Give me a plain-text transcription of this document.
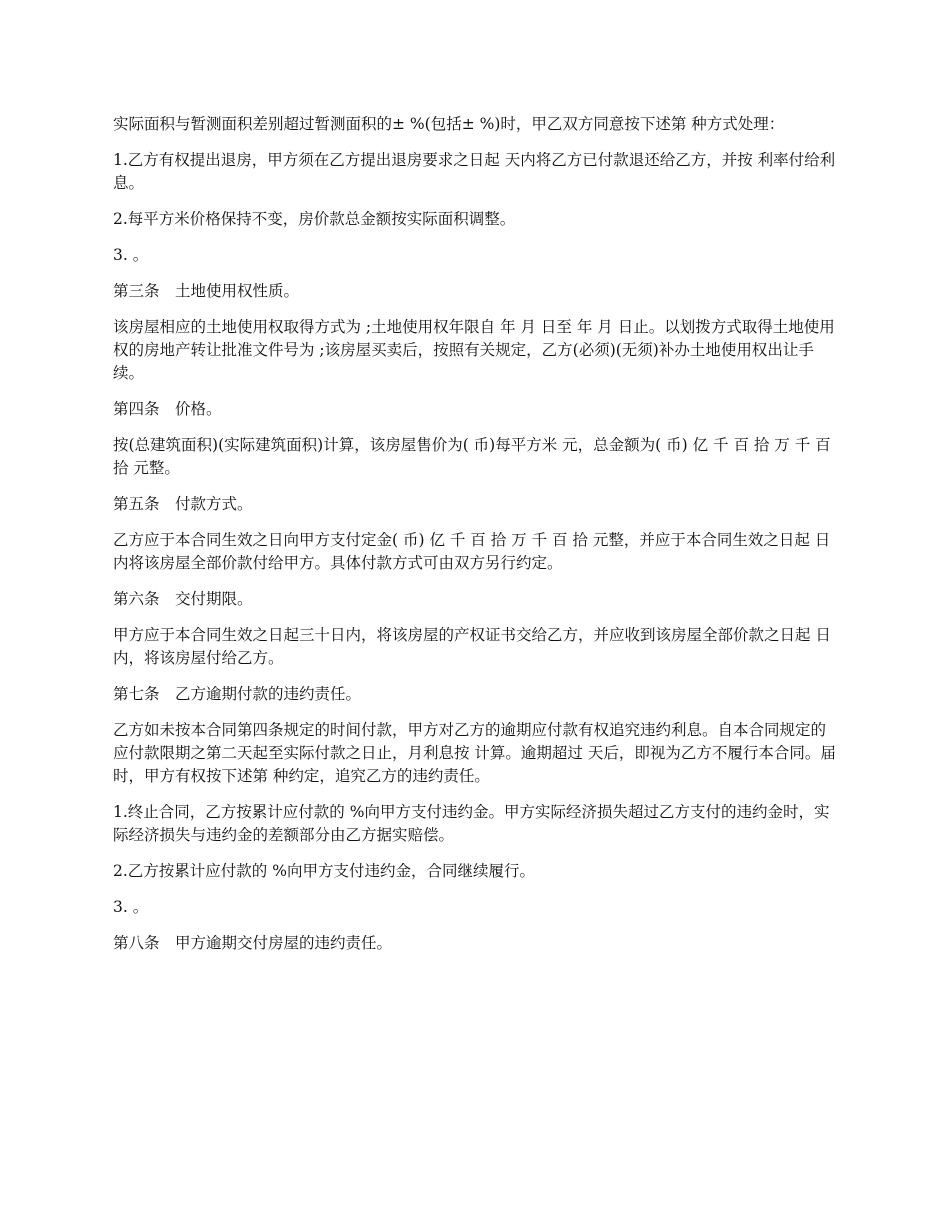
实际面积与暂测面积差别超过暂测面积的± %(包括± %)时，甲乙双方同意按下述第 种方式处理：

1.乙方有权提出退房，甲方须在乙方提出退房要求之日起 天内将乙方已付款退还给乙方，并按 利率付给利息。

2.每平方米价格保持不变，房价款总金额按实际面积调整。

3. 。

第三条　土地使用权性质。

该房屋相应的土地使用权取得方式为 ;土地使用权年限自 年 月 日至 年 月 日止。以划拨方式取得土地使用权的房地产转让批准文件号为 ;该房屋买卖后，按照有关规定，乙方(必须)(无须)补办土地使用权出让手续。

第四条　价格。

按(总建筑面积)(实际建筑面积)计算，该房屋售价为( 币)每平方米 元，总金额为( 币) 亿 千 百 拾 万 千 百 拾 元整。

第五条　付款方式。

乙方应于本合同生效之日向甲方支付定金( 币) 亿 千 百 拾 万 千 百 拾 元整，并应于本合同生效之日起 日内将该房屋全部价款付给甲方。具体付款方式可由双方另行约定。

第六条　交付期限。

甲方应于本合同生效之日起三十日内，将该房屋的产权证书交给乙方，并应收到该房屋全部价款之日起 日内，将该房屋付给乙方。

第七条　乙方逾期付款的违约责任。

乙方如未按本合同第四条规定的时间付款，甲方对乙方的逾期应付款有权追究违约利息。自本合同规定的应付款限期之第二天起至实际付款之日止，月利息按 计算。逾期超过 天后，即视为乙方不履行本合同。届时，甲方有权按下述第 种约定，追究乙方的违约责任。

1.终止合同，乙方按累计应付款的 %向甲方支付违约金。甲方实际经济损失超过乙方支付的违约金时，实际经济损失与违约金的差额部分由乙方据实赔偿。

2.乙方按累计应付款的 %向甲方支付违约金，合同继续履行。

3. 。

第八条　甲方逾期交付房屋的违约责任。
